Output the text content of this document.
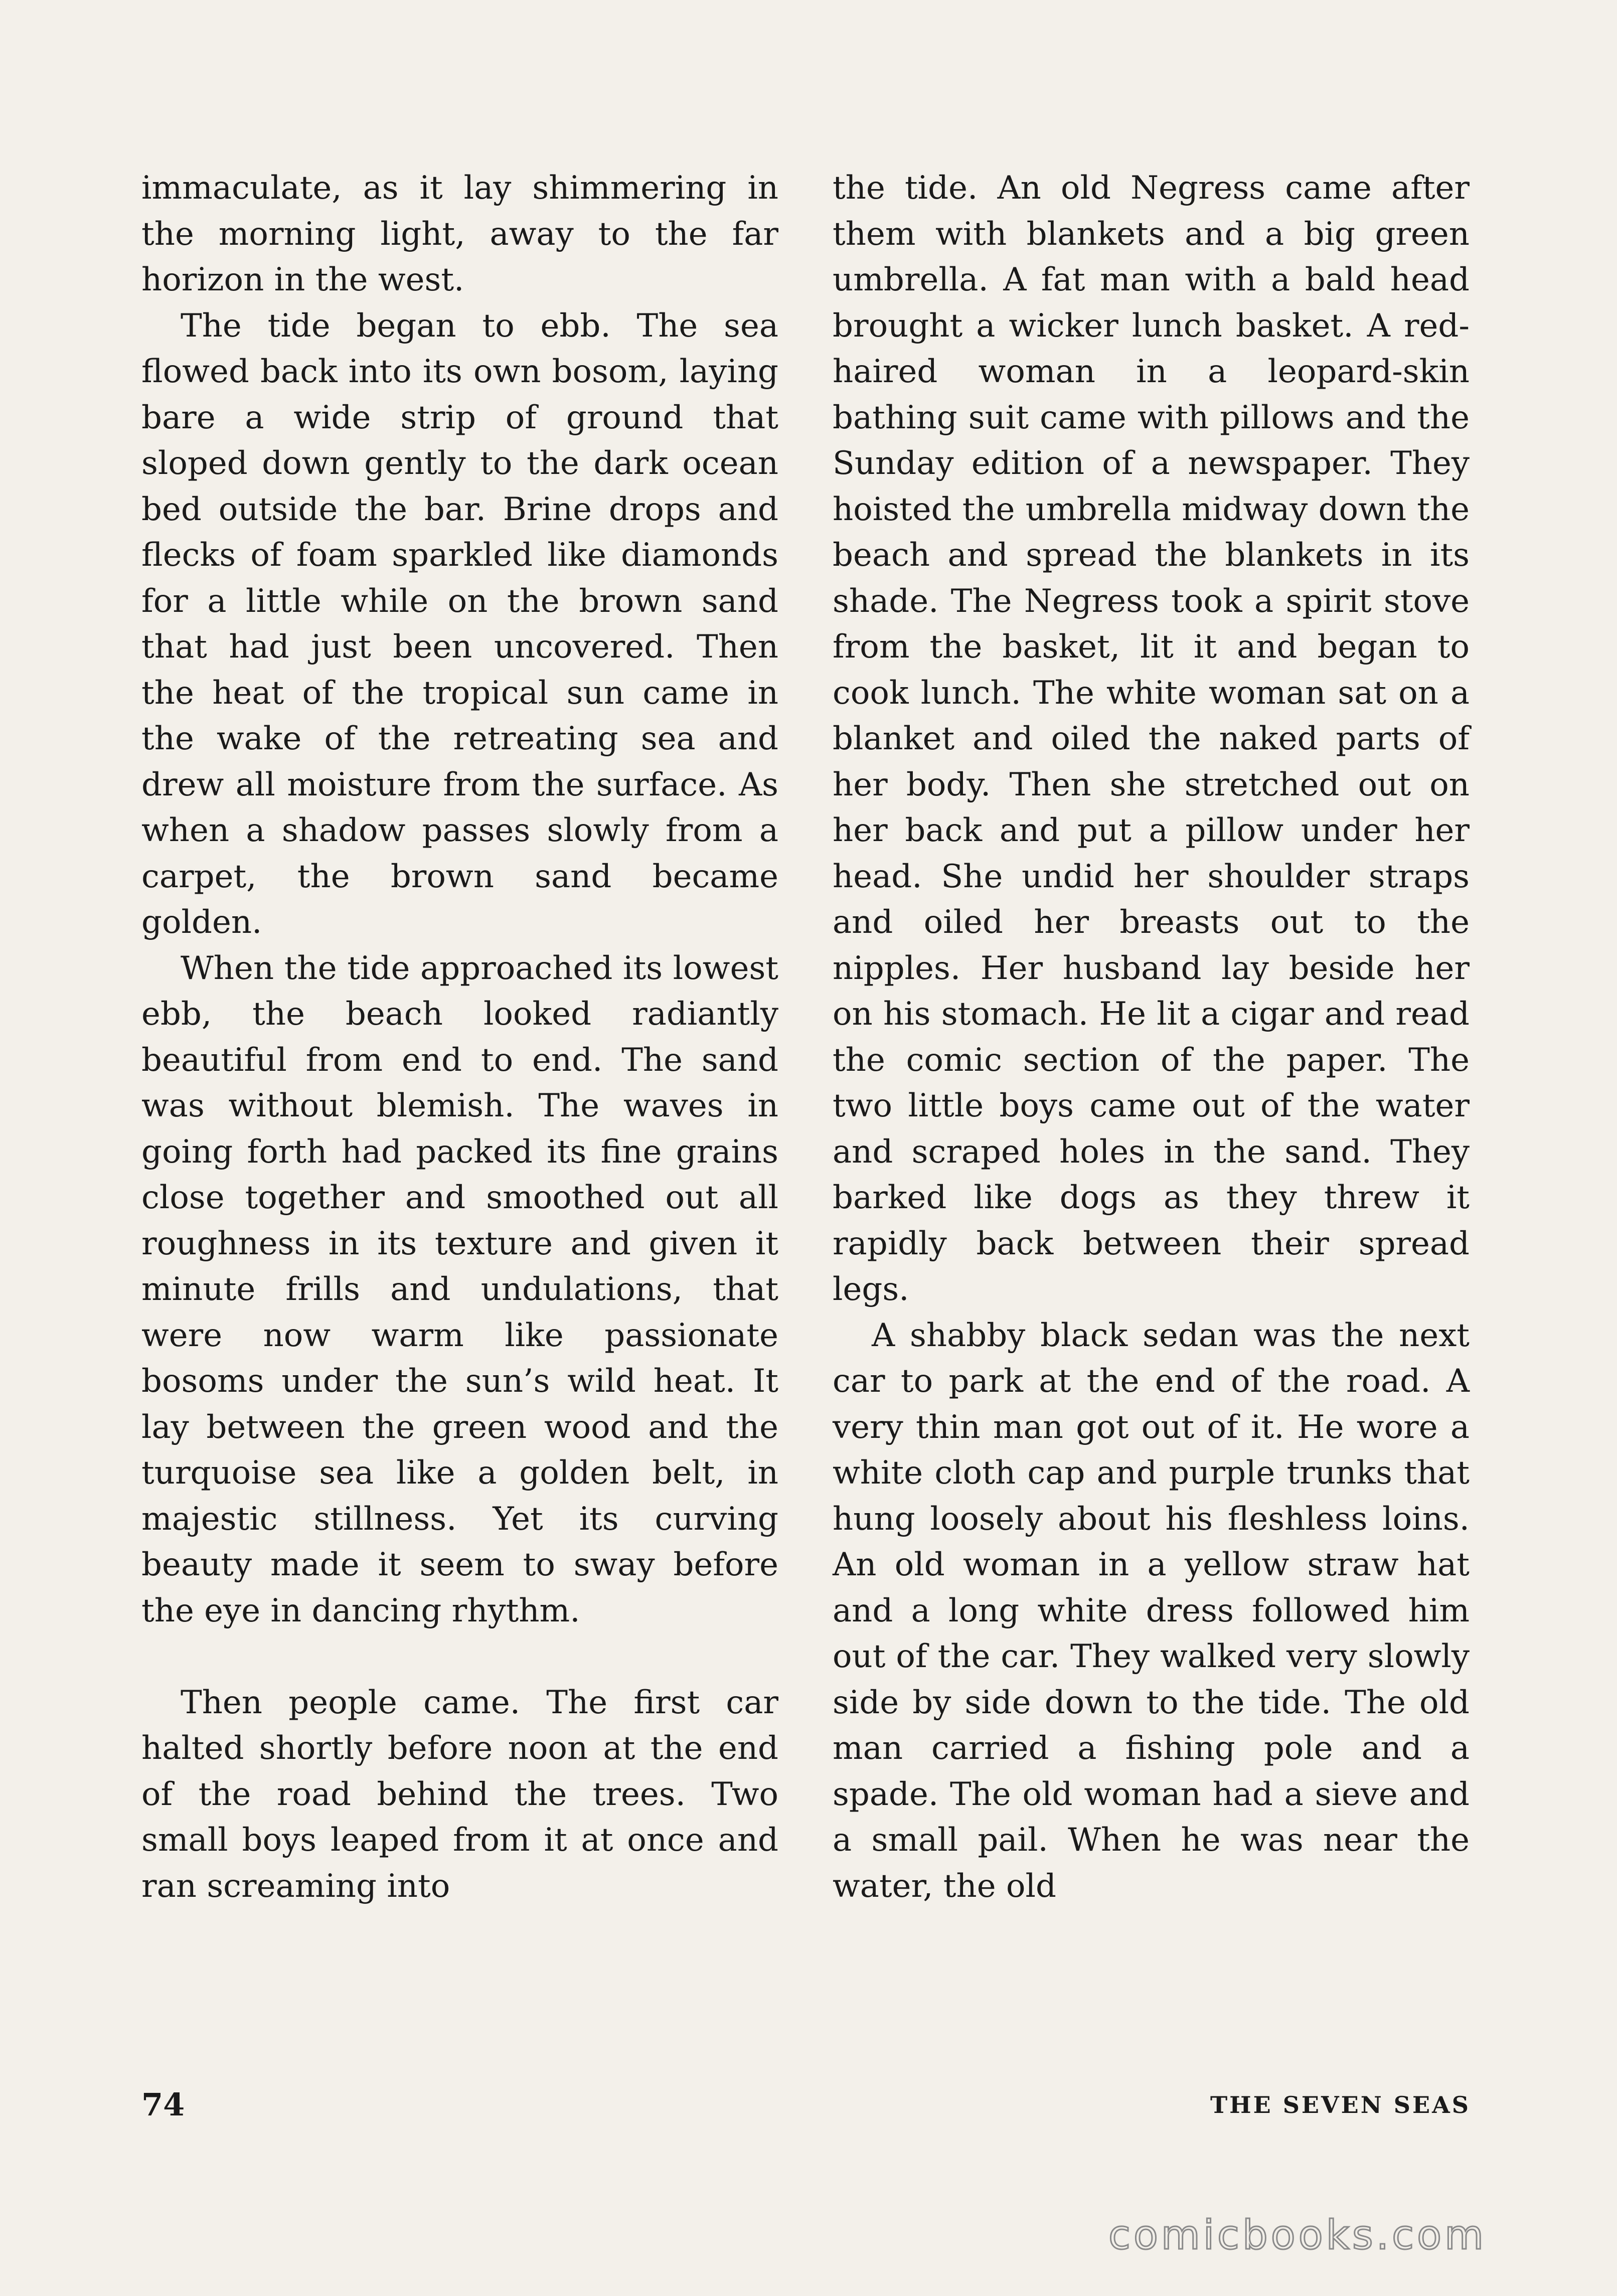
immaculate, as it lay shimmering in the morning light, away to the far horizon in the west.

The tide began to ebb. The sea flowed back into its own bosom, laying bare a wide strip of ground that sloped down gently to the dark ocean bed outside the bar. Brine drops and flecks of foam sparkled like diamonds for a little while on the brown sand that had just been uncovered. Then the heat of the tropical sun came in the wake of the retreating sea and drew all moisture from the surface. As when a shadow passes slowly from a carpet, the brown sand became golden.

When the tide approached its lowest ebb, the beach looked radiantly beautiful from end to end. The sand was without blemish. The waves in going forth had packed its fine grains close together and smoothed out all roughness in its texture and given it minute frills and undulations, that were now warm like passionate bosoms under the sun’s wild heat. It lay between the green wood and the turquoise sea like a golden belt, in majestic stillness. Yet its curving beauty made it seem to sway before the eye in dancing rhythm.

Then people came. The first car halted shortly before noon at the end of the road behind the trees. Two small boys leaped from it at once and ran screaming into

the tide. An old Negress came after them with blankets and a big green umbrella. A fat man with a bald head brought a wicker lunch basket. A red-haired woman in a leopard-skin bathing suit came with pillows and the Sunday edition of a newspaper. They hoisted the umbrella midway down the beach and spread the blankets in its shade. The Negress took a spirit stove from the basket, lit it and began to cook lunch. The white woman sat on a blanket and oiled the naked parts of her body. Then she stretched out on her back and put a pillow under her head. She undid her shoulder straps and oiled her breasts out to the nipples. Her husband lay beside her on his stomach. He lit a cigar and read the comic section of the paper. The two little boys came out of the water and scraped holes in the sand. They barked like dogs as they threw it rapidly back between their spread legs.

A shabby black sedan was the next car to park at the end of the road. A very thin man got out of it. He wore a white cloth cap and purple trunks that hung loosely about his fleshless loins. An old woman in a yellow straw hat and a long white dress followed him out of the car. They walked very slowly side by side down to the tide. The old man carried a fishing pole and a spade. The old woman had a sieve and a small pail. When he was near the water, the old

74	THE SEVEN SEAS
comicbooks.com
